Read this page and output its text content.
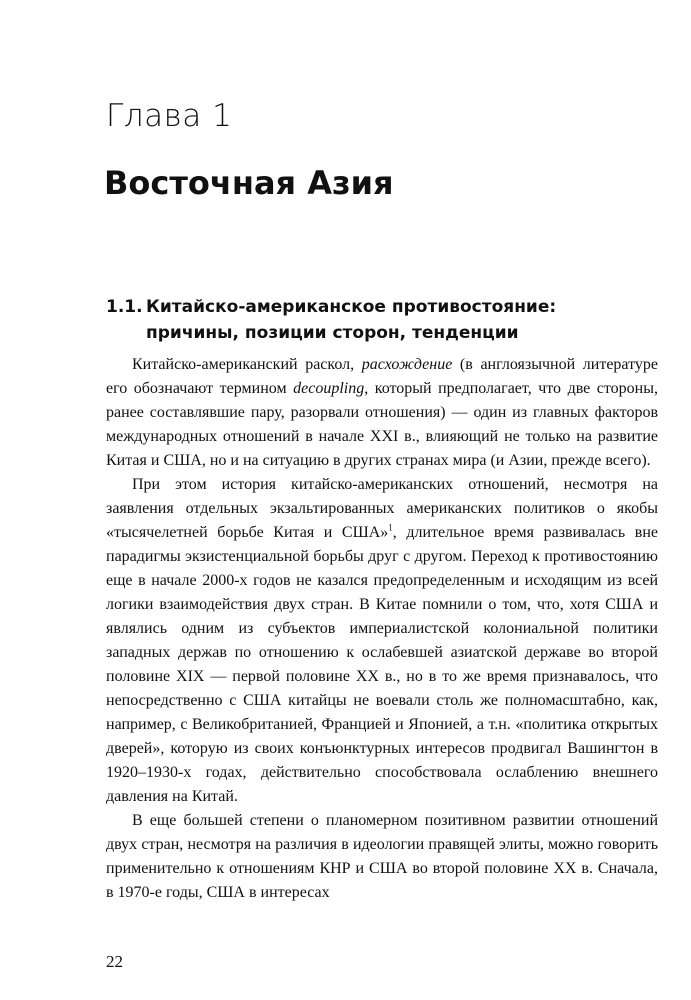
Глава 1
Восточная Азия
1.1. Китайско-американское противостояние:
причины, позиции сторон, тенденции

Китайско-американский раскол, расхождение (в англоязычной литературе его обозначают термином decoupling, который предполагает, что две стороны, ранее составлявшие пару, разорвали отношения) — один из главных факторов международных отношений в начале XXI в., влияющий не только на развитие Китая и США, но и на ситуацию в других странах мира (и Азии, прежде всего).

При этом история китайско-американских отношений, несмотря на заявления отдельных экзальтированных американских политиков о якобы «тысячелетней борьбе Китая и США»$^1$, длительное время развивалась вне парадигмы экзистенциальной борьбы друг с другом. Переход к противостоянию еще в начале 2000-х годов не казался предопределенным и исходящим из всей логики взаимодействия двух стран. В Китае помнили о том, что, хотя США и являлись одним из субъектов империалистской колониальной политики западных держав по отношению к ослабевшей азиатской державе во второй половине XIX — первой половине XX в., но в то же время признавалось, что непосредственно с США китайцы не воевали столь же полномасштабно, как, например, с Великобританией, Францией и Японией, а т.н. «политика открытых дверей», которую из своих конъюнктурных интересов продвигал Вашингтон в 1920–1930-х годах, действительно способствовала ослаблению внешнего давления на Китай.

В еще большей степени о планомерном позитивном развитии отношений двух стран, несмотря на различия в идеологии правящей элиты, можно говорить применительно к отношениям КНР и США во второй половине XX в. Сначала, в 1970-е годы, США в интересах

22
